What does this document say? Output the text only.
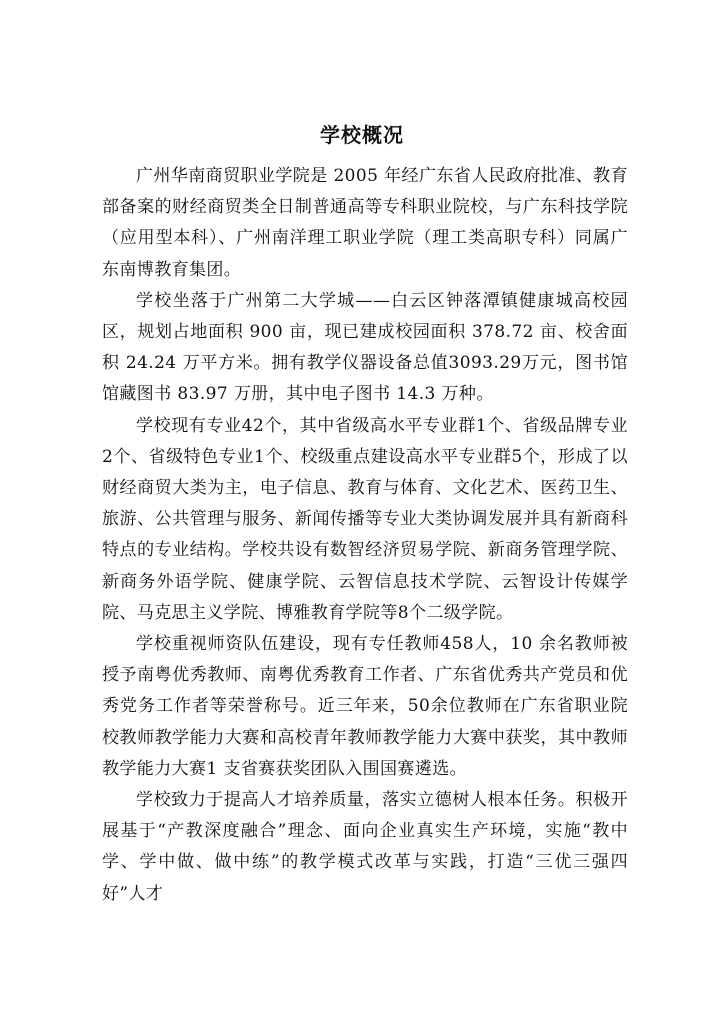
学校概况

广州华南商贸职业学院是 2005 年经广东省人民政府批准、教育部备案的财经商贸类全日制普通高等专科职业院校，与广东科技学院（应用型本科）、广州南洋理工职业学院（理工类高职专科）同属广东南博教育集团。

学校坐落于广州第二大学城——白云区钟落潭镇健康城高校园区，规划占地面积 900 亩，现已建成校园面积 378.72 亩、校舍面积 24.24 万平方米。拥有教学仪器设备总值3093.29万元，图书馆馆藏图书 83.97 万册，其中电子图书 14.3 万种。

学校现有专业42个，其中省级高水平专业群1个、省级品牌专业2个、省级特色专业1个、校级重点建设高水平专业群5个，形成了以财经商贸大类为主，电子信息、教育与体育、文化艺术、医药卫生、旅游、公共管理与服务、新闻传播等专业大类协调发展并具有新商科特点的专业结构。学校共设有数智经济贸易学院、新商务管理学院、新商务外语学院、健康学院、云智信息技术学院、云智设计传媒学院、马克思主义学院、博雅教育学院等8个二级学院。

学校重视师资队伍建设，现有专任教师458人，10 余名教师被授予南粤优秀教师、南粤优秀教育工作者、广东省优秀共产党员和优秀党务工作者等荣誉称号。近三年来，50余位教师在广东省职业院校教师教学能力大赛和高校青年教师教学能力大赛中获奖，其中教师教学能力大赛1 支省赛获奖团队入围国赛遴选。

学校致力于提高人才培养质量，落实立德树人根本任务。积极开展基于“产教深度融合”理念、面向企业真实生产环境，实施“教中学、学中做、做中练”的教学模式改革与实践，打造“三优三强四好”人才
